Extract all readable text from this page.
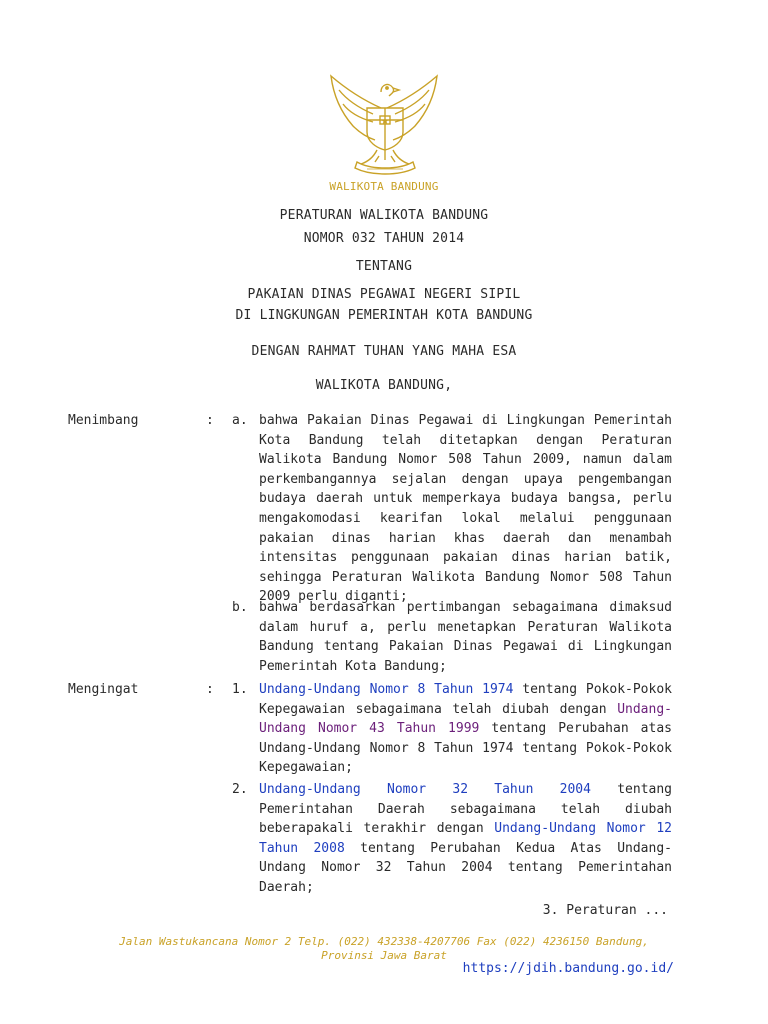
WALIKOTA BANDUNG
PERATURAN WALIKOTA BANDUNG
NOMOR 032 TAHUN 2014
TENTANG
PAKAIAN DINAS PEGAWAI NEGERI SIPIL
DI LINGKUNGAN PEMERINTAH KOTA BANDUNG
DENGAN RAHMAT TUHAN YANG MAHA ESA
WALIKOTA BANDUNG,
Menimbang	: a. bahwa Pakaian Dinas Pegawai di Lingkungan Pemerintah Kota Bandung telah ditetapkan dengan Peraturan Walikota Bandung Nomor 508 Tahun 2009, namun dalam perkembangannya sejalan dengan upaya pengembangan budaya daerah untuk memperkaya budaya bangsa, perlu mengakomodasi kearifan lokal melalui penggunaan pakaian dinas harian khas daerah dan menambah intensitas penggunaan pakaian dinas harian batik, sehingga Peraturan Walikota Bandung Nomor 508 Tahun 2009 perlu diganti;
b. bahwa berdasarkan pertimbangan sebagaimana dimaksud dalam huruf a, perlu menetapkan Peraturan Walikota Bandung tentang Pakaian Dinas Pegawai di Lingkungan Pemerintah Kota Bandung;
Mengingat	: 1. Undang-Undang Nomor 8 Tahun 1974 tentang Pokok-Pokok Kepegawaian sebagaimana telah diubah dengan Undang-Undang Nomor 43 Tahun 1999 tentang Perubahan atas Undang-Undang Nomor 8 Tahun 1974 tentang Pokok-Pokok Kepegawaian;
2. Undang-Undang Nomor 32 Tahun 2004 tentang Pemerintahan Daerah sebagaimana telah diubah beberapakali terakhir dengan Undang-Undang Nomor 12 Tahun 2008 tentang Perubahan Kedua Atas Undang-Undang Nomor 32 Tahun 2004 tentang Pemerintahan Daerah;
3. Peraturan ...
Jalan Wastukancana Nomor 2 Telp. (022) 432338-4207706 Fax (022) 4236150 Bandung,
Provinsi Jawa Barat
https://jdih.bandung.go.id/
